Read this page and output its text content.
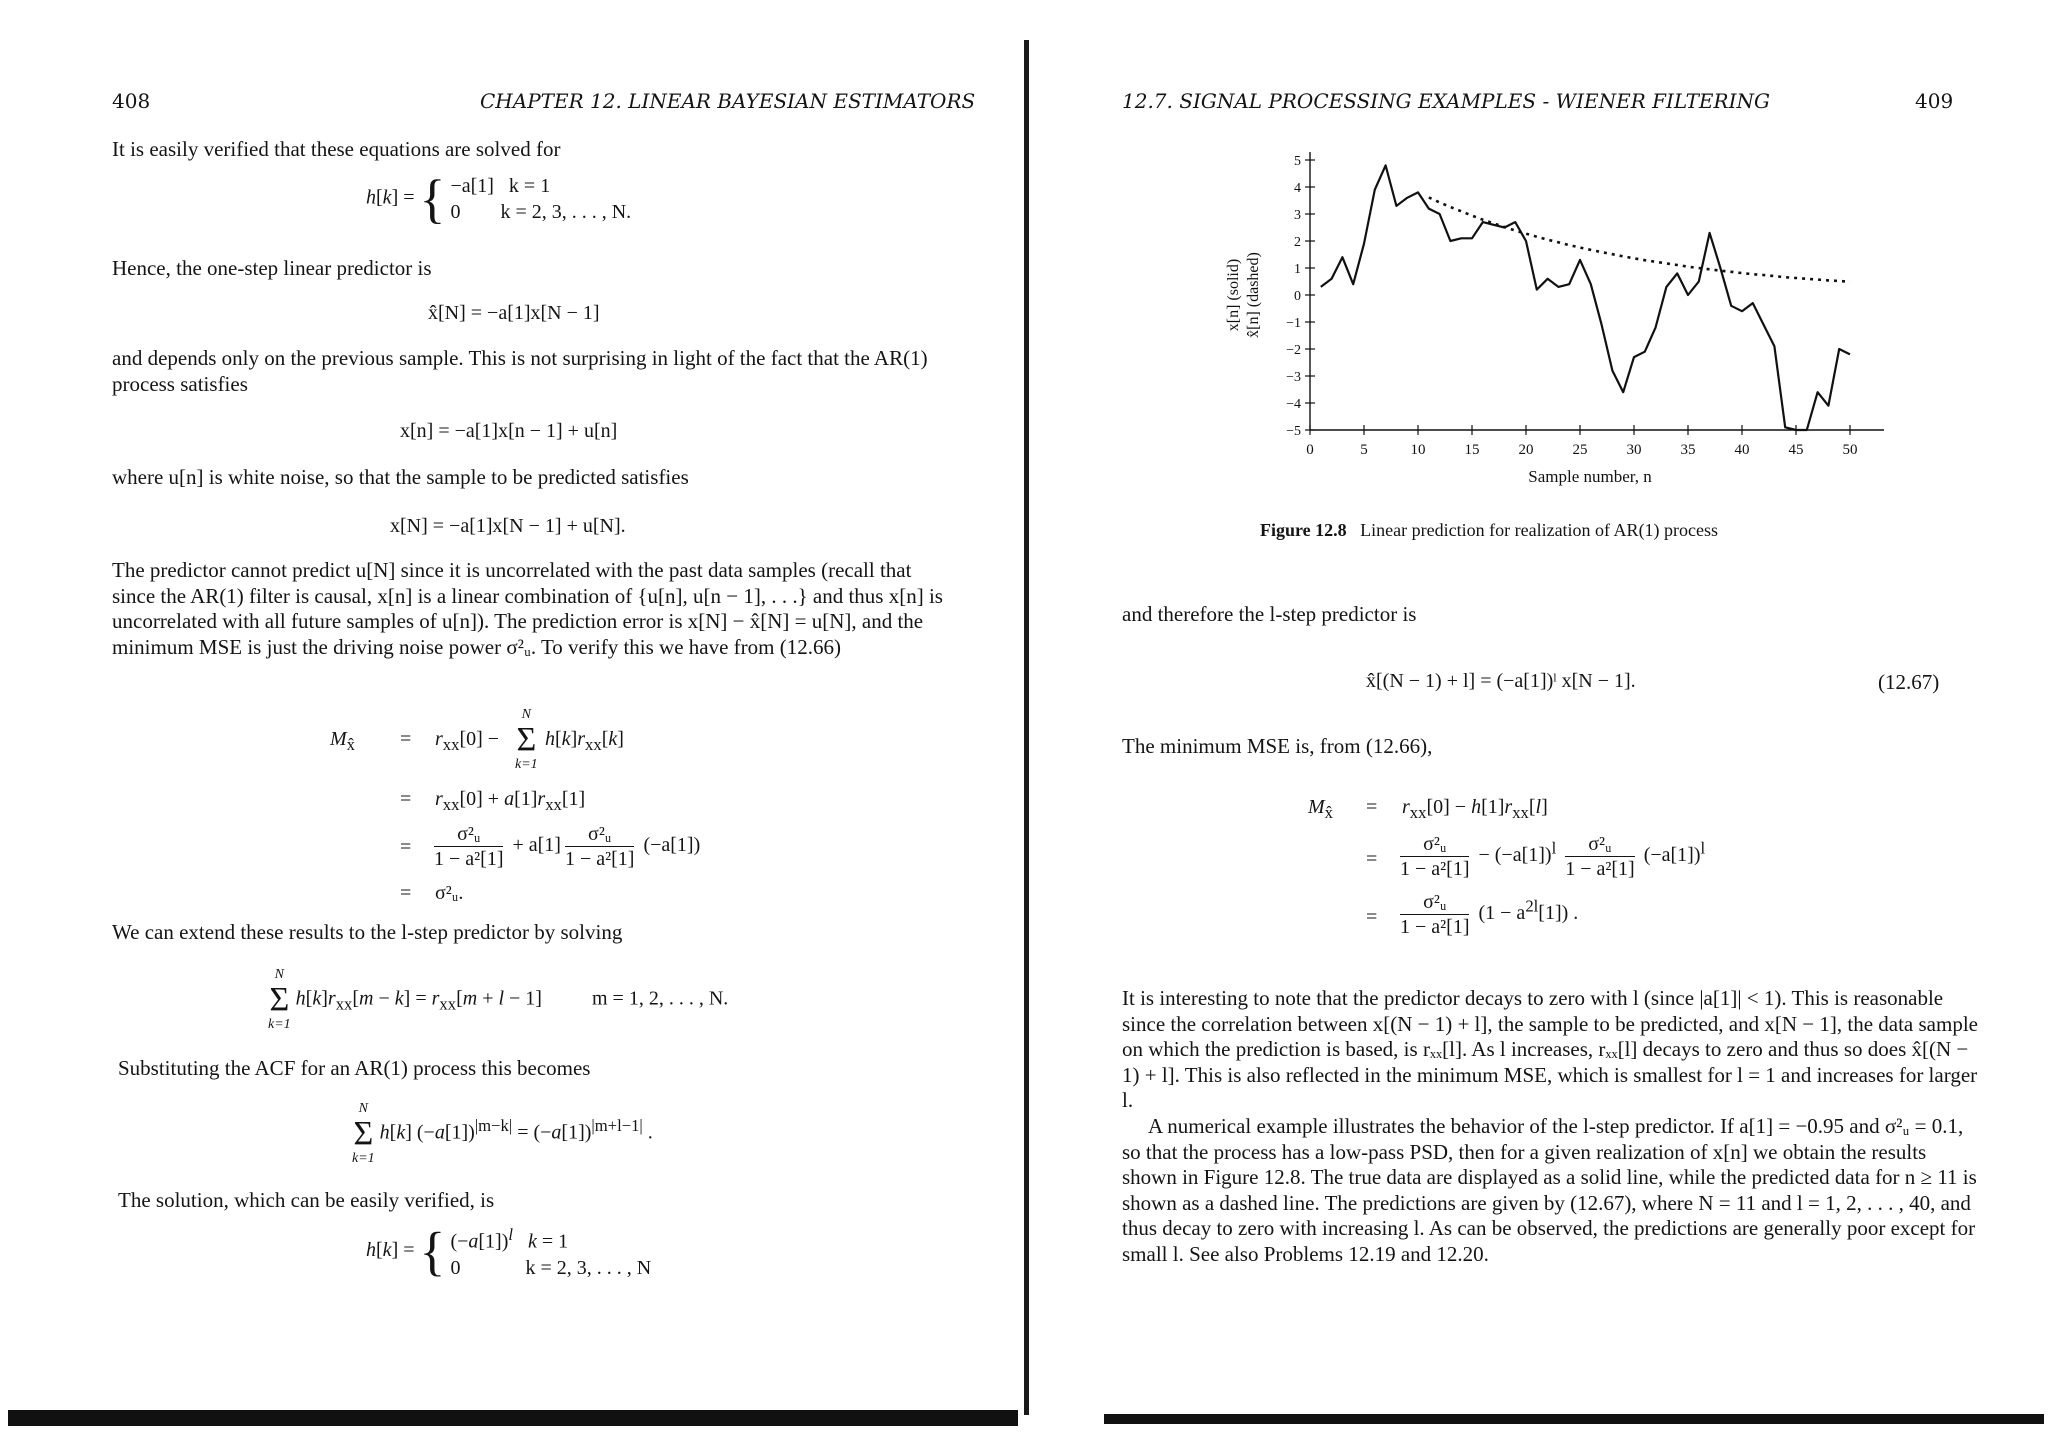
408	CHAPTER 12. LINEAR BAYESIAN ESTIMATORS

It is easily verified that these equations are solved for

h[k] = { −a[1] k = 1
0 k = 2, 3, . . . , N.

Hence, the one-step linear predictor is

x̂[N] = −a[1]x[N − 1]

and depends only on the previous sample. This is not surprising in light of the fact that the AR(1) process satisfies

x[n] = −a[1]x[n − 1] + u[n]

where u[n] is white noise, so that the sample to be predicted satisfies

x[N] = −a[1]x[N − 1] + u[N].

The predictor cannot predict u[N] since it is uncorrelated with the past data samples (recall that since the AR(1) filter is causal, x[n] is a linear combination of {u[n], u[n − 1], . . .} and thus x[n] is uncorrelated with all future samples of u[n]). The prediction error is x[N] − x̂[N] = u[N], and the minimum MSE is just the driving noise power σ²ᵤ. To verify this we have from (12.66)

$M_{x̂} = r_{xx}[0]$ −
N
Σ
k=1
$h[k]r_{xx}[k]$
= $r_{xx}[0] + a[1]r_{xx}[1]$
= $\frac{\text{σ²ᵤ}}{\text{1 − a²[1]}} + a[1] \frac{\text{σ²ᵤ}}{\text{1 − a²[1]}} (-a[1])$
= σ²ᵤ.

We can extend these results to the l-step predictor by solving

N
Σ
k=1
$h[k]r_{xx}[m - k] = r_{xx}[m + l - 1]$          m = 1, 2, . . . , N.

Substituting the ACF for an AR(1) process this becomes

N
Σ
k=1
h[k] $(-a[1])^{|m-k|} = (-a[1])^{|m+l-1|}$ .

The solution, which can be easily verified, is

h[k] = { $(-a[1])^l$ k = 1
0             k = 2, 3, . . . , N
12.7. SIGNAL PROCESSING EXAMPLES - WIENER FILTERING	409
5
4
3
2
1
0
−1
−2
−3
−4
−5
0	5	10	15	20	25	30	35	40	45	50
Sample number, n
x[n] (solid) x̂[n] (dashed)
Figure 12.8 Linear prediction for realization of AR(1) process

and therefore the l-step predictor is

x̂[(N − 1) + l] = (−a[1])ˡ x[N − 1].	(12.67)

The minimum MSE is, from (12.66),

$M_{x̂} = r_{xx}[0] - h[1]r_{xx}[l]$
= $\frac{\text{σ²ᵤ}}{\text{1 − a²[1]}} - (-a[1])^l \frac{\text{σ²ᵤ}}{\text{1 − a²[1]}} (-a[1])^l$
= $\frac{\text{σ²ᵤ}}{\text{1 − a²[1]}} (1 - a^{2l}[1])$ .

It is interesting to note that the predictor decays to zero with l (since |a[1]| < 1). This is reasonable since the correlation between x[(N − 1) + l], the sample to be predicted, and x[N − 1], the data sample on which the prediction is based, is rₓₓ[l]. As l increases, rₓₓ[l] decays to zero and thus so does x̂[(N − 1) + l]. This is also reflected in the minimum MSE, which is smallest for l = 1 and increases for larger l.

A numerical example illustrates the behavior of the l-step predictor. If a[1] = −0.95 and σ²ᵤ = 0.1, so that the process has a low-pass PSD, then for a given realization of x[n] we obtain the results shown in Figure 12.8. The true data are displayed as a solid line, while the predicted data for n ≥ 11 is shown as a dashed line. The predictions are given by (12.67), where N = 11 and l = 1, 2, . . . , 40, and thus decay to zero with increasing l. As can be observed, the predictions are generally poor except for small l. See also Problems 12.19 and 12.20.
